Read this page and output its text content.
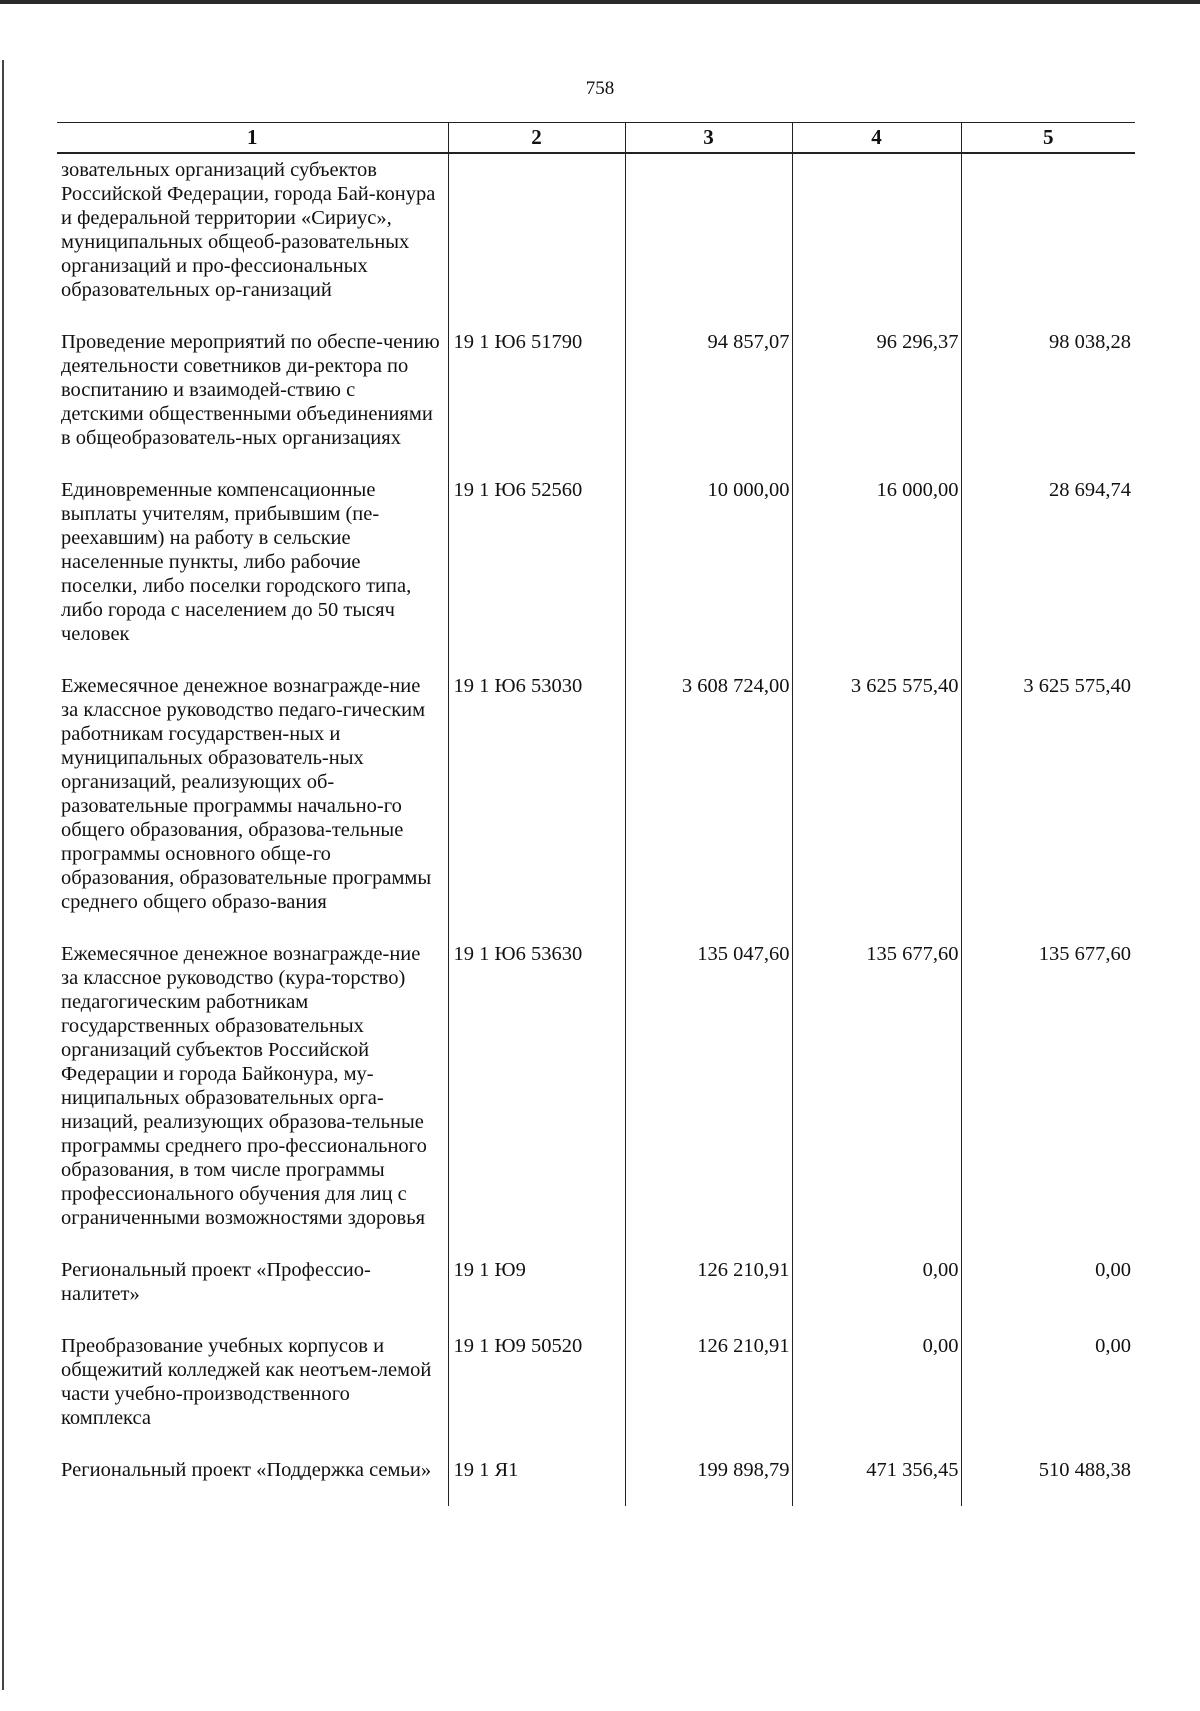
758
1	2	3	4	5
зовательных организаций субъектов Российской Федерации, города Бай-конура и федеральной территории «Сириус», муниципальных общеоб-разовательных организаций и про-фессиональных образовательных ор-ганизаций				
Проведение мероприятий по обеспе-чению деятельности советников ди-ректора по воспитанию и взаимодей-ствию с детскими общественными объединениями в общеобразователь-ных организациях	19 1 Ю6 51790	94 857,07	96 296,37	98 038,28
Единовременные компенсационные выплаты учителям, прибывшим (пе-реехавшим) на работу в сельские населенные пункты, либо рабочие поселки, либо поселки городского типа, либо города с населением до 50 тысяч человек	19 1 Ю6 52560	10 000,00	16 000,00	28 694,74
Ежемесячное денежное вознагражде-ние за классное руководство педаго-гическим работникам государствен-ных и муниципальных образователь-ных организаций, реализующих об-разовательные программы начально-го общего образования, образова-тельные программы основного обще-го образования, образовательные программы среднего общего образо-вания	19 1 Ю6 53030	3 608 724,00	3 625 575,40	3 625 575,40
Ежемесячное денежное вознагражде-ние за классное руководство (кура-торство) педагогическим работникам государственных образовательных организаций субъектов Российской Федерации и города Байконура, му-ниципальных образовательных орга-низаций, реализующих образова-тельные программы среднего про-фессионального образования, в том числе программы профессионального обучения для лиц с ограниченными возможностями здоровья	19 1 Ю6 53630	135 047,60	135 677,60	135 677,60
Региональный проект «Профессио-налитет»	19 1 Ю9	126 210,91	0,00	0,00
Преобразование учебных корпусов и общежитий колледжей как неотъем-лемой части учебно-производственного комплекса	19 1 Ю9 50520	126 210,91	0,00	0,00
Региональный проект «Поддержка семьи»	19 1 Я1	199 898,79	471 356,45	510 488,38
